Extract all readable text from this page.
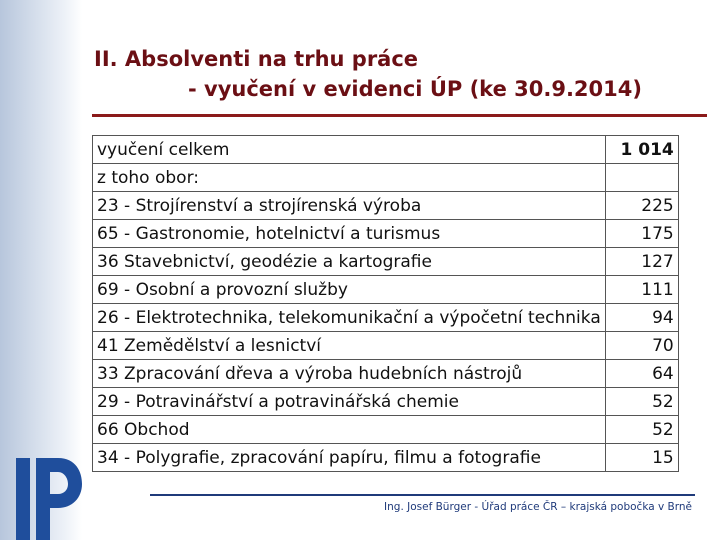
II. Absolventi na trhu práce
- vyučení v evidenci ÚP (ke 30.9.2014)
vyučení celkem	1 014
z toho obor:	
23 - Strojírenství a strojírenská výroba	225
65 - Gastronomie, hotelnictví a turismus	175
36 Stavebnictví, geodézie a kartografie	127
69 - Osobní a provozní služby	111
26 - Elektrotechnika, telekomunikační a výpočetní technika	94
41 Zemědělství a lesnictví	70
33 Zpracování dřeva a výroba hudebních nástrojů	64
29 - Potravinářství a potravinářská chemie	52
66 Obchod	52
34 - Polygrafie, zpracování papíru, filmu a fotografie	15
Ing. Josef Bürger - Úřad práce ČR – krajská pobočka v Brně
